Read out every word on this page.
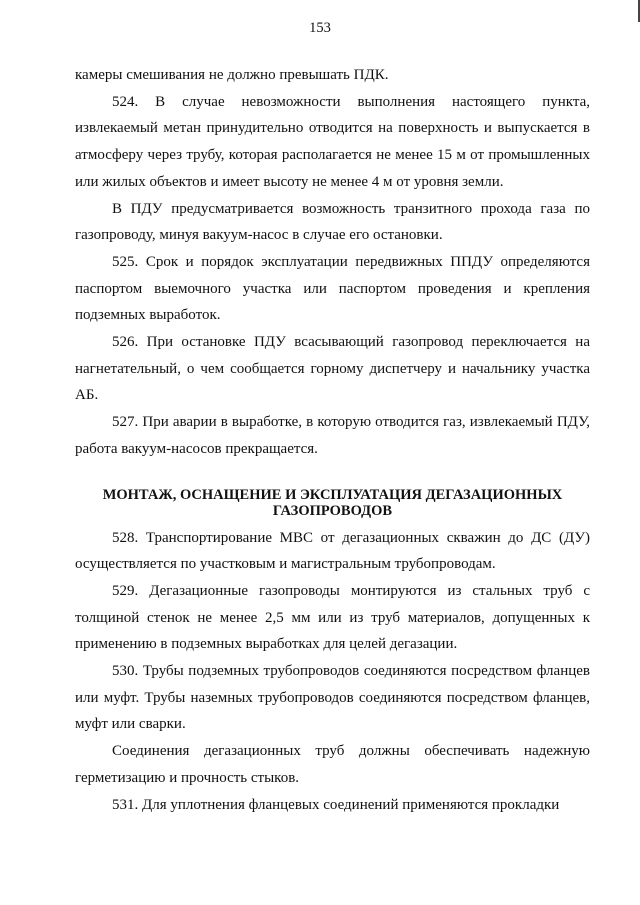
153

камеры смешивания не должно превышать ПДК.

524. В случае невозможности выполнения настоящего пункта, извлекаемый метан принудительно отводится на поверхность и выпускается в атмосферу через трубу, которая располагается не менее 15 м от промышленных или жилых объектов и имеет высоту не менее 4 м от уровня земли.

В ПДУ предусматривается возможность транзитного прохода газа по газопроводу, минуя вакуум-насос в случае его остановки.

525. Срок и порядок эксплуатации передвижных ППДУ определяются паспортом выемочного участка или паспортом проведения и крепления подземных выработок.

526. При остановке ПДУ всасывающий газопровод переключается на нагнетательный, о чем сообщается горному диспетчеру и начальнику участка АБ.

527. При аварии в выработке, в которую отводится газ, извлекаемый ПДУ, работа вакуум-насосов прекращается.

МОНТАЖ, ОСНАЩЕНИЕ И ЭКСПЛУАТАЦИЯ ДЕГАЗАЦИОННЫХ
ГАЗОПРОВОДОВ

528. Транспортирование МВС от дегазационных скважин до ДС (ДУ) осуществляется по участковым и магистральным трубопроводам.

529. Дегазационные газопроводы монтируются из стальных труб с толщиной стенок не менее 2,5 мм или из труб материалов, допущенных к применению в подземных выработках для целей дегазации.

530. Трубы подземных трубопроводов соединяются посредством фланцев или муфт. Трубы наземных трубопроводов соединяются посредством фланцев, муфт или сварки.

Соединения дегазационных труб должны обеспечивать надежную герметизацию и прочность стыков.

531. Для уплотнения фланцевых соединений применяются прокладки
